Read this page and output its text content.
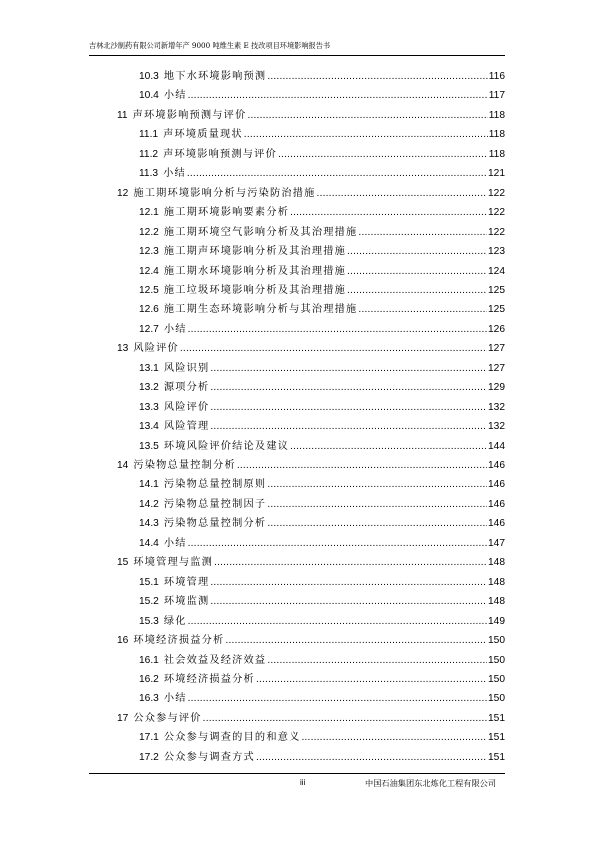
吉林北沙制药有限公司新增年产 9000 吨维生素 E 技改项目环境影响报告书
10.3 地下水环境影响预测 .....	116
10.4 小结 .....	117
11 声环境影响预测与评价 .....	118
11.1 声环境质量现状 .....	118
11.2 声环境影响预测与评价 .....	118
11.3 小结 .....	121
12 施工期环境影响分析与污染防治措施 .....	122
12.1 施工期环境影响要素分析 .....	122
12.2 施工期环境空气影响分析及其治理措施 .....	122
12.3 施工期声环境影响分析及其治理措施 .....	123
12.4 施工期水环境影响分析及其治理措施 .....	124
12.5 施工垃圾环境影响分析及其治理措施 .....	125
12.6 施工期生态环境影响分析与其治理措施 .....	125
12.7 小结 .....	126
13 风险评价 .....	127
13.1 风险识别 .....	127
13.2 源项分析 .....	129
13.3 风险评价 .....	132
13.4 风险管理 .....	132
13.5 环境风险评价结论及建议 .....	144
14 污染物总量控制分析 .....	146
14.1 污染物总量控制原则 .....	146
14.2 污染物总量控制因子 .....	146
14.3 污染物总量控制分析 .....	146
14.4 小结 .....	147
15 环境管理与监测 .....	148
15.1 环境管理 .....	148
15.2 环境监测 .....	148
15.3 绿化 .....	149
16 环境经济损益分析 .....	150
16.1 社会效益及经济效益 .....	150
16.2 环境经济损益分析 .....	150
16.3 小结 .....	150
17 公众参与评价 .....	151
17.1 公众参与调查的目的和意义 .....	151
17.2 公众参与调查方式 .....	151
iii	中国石油集团东北炼化工程有限公司
